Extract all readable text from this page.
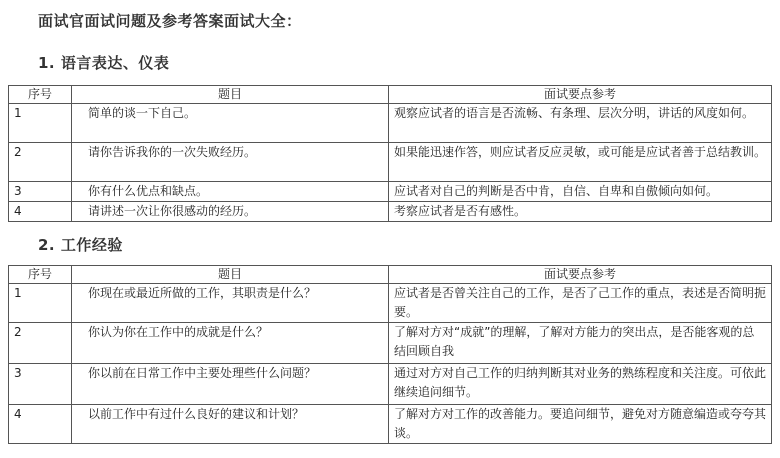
面试官面试问题及参考答案面试大全：
1. 语言表达、仪表
序号	题目	面试要点参考
1	简单的谈一下自己。	观察应试者的语言是否流畅、有条理、层次分明，讲话的风度如何。
2	请你告诉我你的一次失败经历。	如果能迅速作答，则应试者反应灵敏，或可能是应试者善于总结教训。
3	你有什么优点和缺点。	应试者对自己的判断是否中肯，自信、自卑和自傲倾向如何。
4	请讲述一次让你很感动的经历。	考察应试者是否有感性。
2. 工作经验
序号	题目	面试要点参考
1	你现在或最近所做的工作，其职责是什么？	应试者是否曾关注自己的工作，是否了己工作的重点，表述是否简明扼要。
2	你认为你在工作中的成就是什么？	了解对方对“成就”的理解，了解对方能力的突出点，是否能客观的总结回顾自我
3	你以前在日常工作中主要处理些什么问题？	通过对方对自己工作的归纳判断其对业务的熟练程度和关注度。可依此继续追问细节。
4	以前工作中有过什么良好的建议和计划？	了解对方对工作的改善能力。要追问细节，避免对方随意编造或夸夸其谈。
